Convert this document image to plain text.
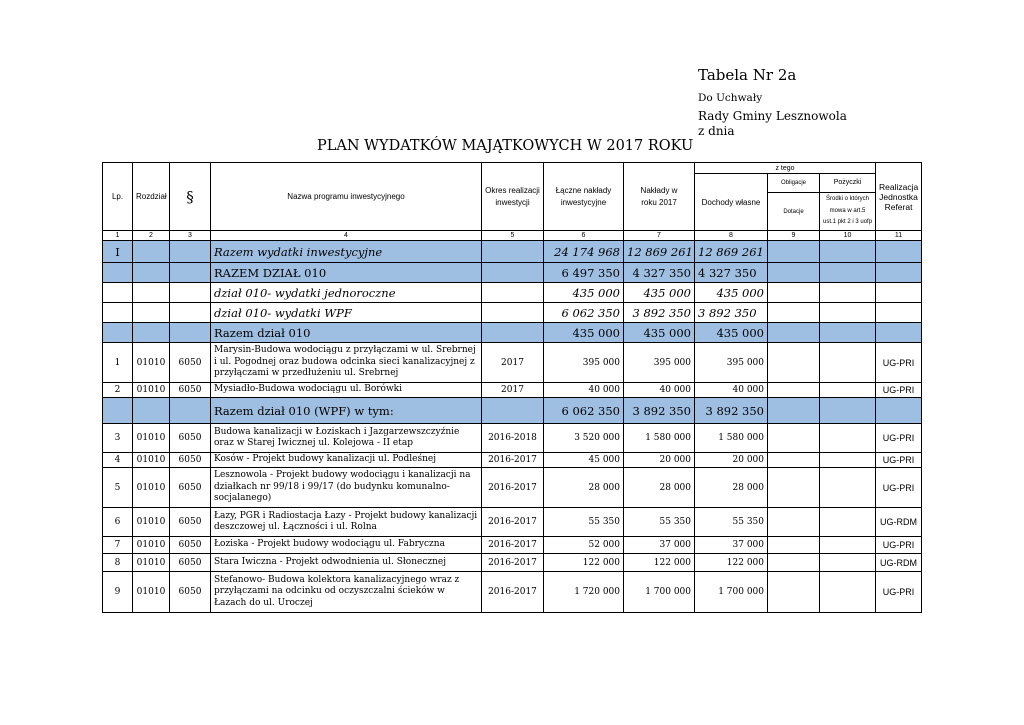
Tabela Nr 2a
Do Uchwały
Rady Gminy Lesznowola
z dnia
PLAN WYDATKÓW MAJĄTKOWYCH W 2017 ROKU
Lp.	Rozdział	§	Nazwa programu inwestycyjnego	Okres realizacji inwestycji	Łączne nakłady inwestycyjne	Nakłady w roku 2017	z tego			Realizacja Jednostka Referat
							Dochody własne	Obligacje	Pożyczki	
								Dotacje	Środki o których mowa w art.5 ust.1 pkt 2 i 3 uofp	
1	2	3	4	5	6	7	8	9	10	11
I			Razem wydatki inwestycyjne		24 174 968	12 869 261	12 869 261			
			RAZEM DZIAŁ 010		6 497 350	4 327 350	4 327 350			
			dział 010- wydatki jednoroczne		435 000	435 000	435 000			
			dział 010- wydatki WPF		6 062 350	3 892 350	3 892 350			
			Razem dział 010		435 000	435 000	435 000			
1	01010	6050	Marysin-Budowa wodociągu z przyłączami w ul. Srebrnej i ul. Pogodnej oraz budowa odcinka sieci kanalizacyjnej z przyłączami w przedłużeniu ul. Srebrnej	2017	395 000	395 000	395 000			UG-PRI
2	01010	6050	Mysiadło-Budowa wodociągu ul. Borówki	2017	40 000	40 000	40 000			UG-PRI
			Razem dział 010 (WPF) w tym:		6 062 350	3 892 350	3 892 350			
3	01010	6050	Budowa kanalizacji w Łoziskach i Jazgarzewszczyźnie oraz w Starej Iwicznej ul. Kolejowa - II etap	2016-2018	3 520 000	1 580 000	1 580 000			UG-PRI
4	01010	6050	Kosów - Projekt budowy kanalizacji ul. Podleśnej	2016-2017	45 000	20 000	20 000			UG-PRI
5	01010	6050	Lesznowola - Projekt budowy wodociągu i kanalizacji na działkach nr 99/18 i 99/17 (do budynku komunalno-socjalanego)	2016-2017	28 000	28 000	28 000			UG-PRI
6	01010	6050	Łazy, PGR i Radiostacja Łazy - Projekt budowy kanalizacji deszczowej ul. Łączności i ul. Rolna	2016-2017	55 350	55 350	55 350			UG-RDM
7	01010	6050	Łoziska - Projekt budowy wodociągu ul. Fabryczna	2016-2017	52 000	37 000	37 000			UG-PRI
8	01010	6050	Stara Iwiczna - Projekt odwodnienia ul. Słonecznej	2016-2017	122 000	122 000	122 000			UG-RDM
9	01010	6050	Stefanowo- Budowa kolektora kanalizacyjnego wraz z przyłączami na odcinku od oczyszczalni ścieków w Łazach do ul. Uroczej	2016-2017	1 720 000	1 700 000	1 700 000			UG-PRI
